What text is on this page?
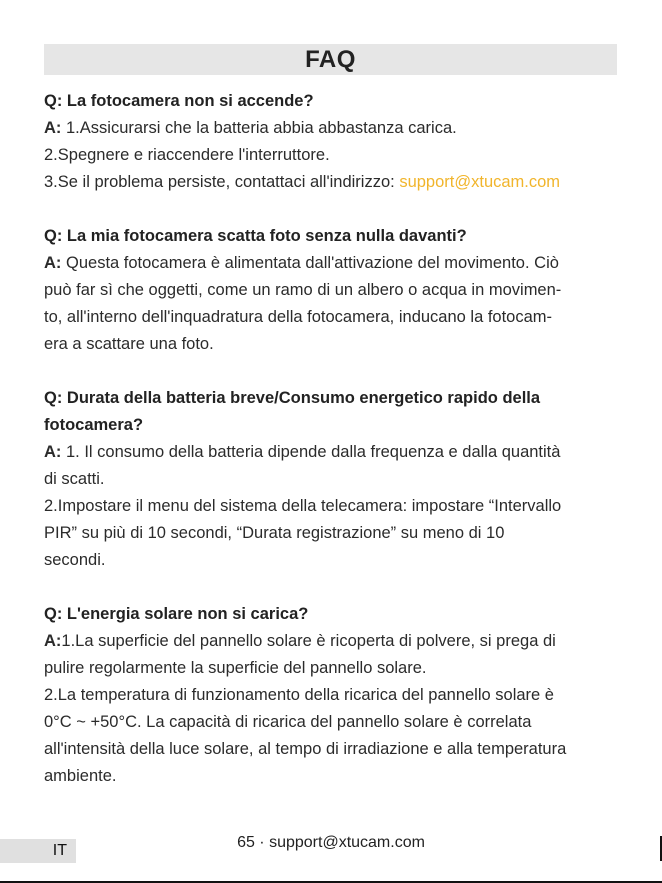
FAQ
Q: La fotocamera non si accende?
A: 1.Assicurarsi che la batteria abbia abbastanza carica.
2.Spegnere e riaccendere l'interruttore.
3.Se il problema persiste, contattaci all'indirizzo: support@xtucam.com
Q: La mia fotocamera scatta foto senza nulla davanti?
A: Questa fotocamera è alimentata dall'attivazione del movimento. Ciò
può far sì che oggetti, come un ramo di un albero o acqua in movimen-
to, all'interno dell'inquadratura della fotocamera, inducano la fotocam-
era a scattare una foto.
Q: Durata della batteria breve/Consumo energetico rapido della
fotocamera?
A: 1. Il consumo della batteria dipende dalla frequenza e dalla quantità
di scatti.
2.Impostare il menu del sistema della telecamera: impostare “Intervallo
PIR” su più di 10 secondi, “Durata registrazione” su meno di 10
secondi.
Q: L'energia solare non si carica?
A:1.La superficie del pannello solare è ricoperta di polvere, si prega di
pulire regolarmente la superficie del pannello solare.
2.La temperatura di funzionamento della ricarica del pannello solare è
0°C ~ +50°C. La capacità di ricarica del pannello solare è correlata
all'intensità della luce solare, al tempo di irradiazione e alla temperatura
ambiente.
IT	65 · support@xtucam.com
